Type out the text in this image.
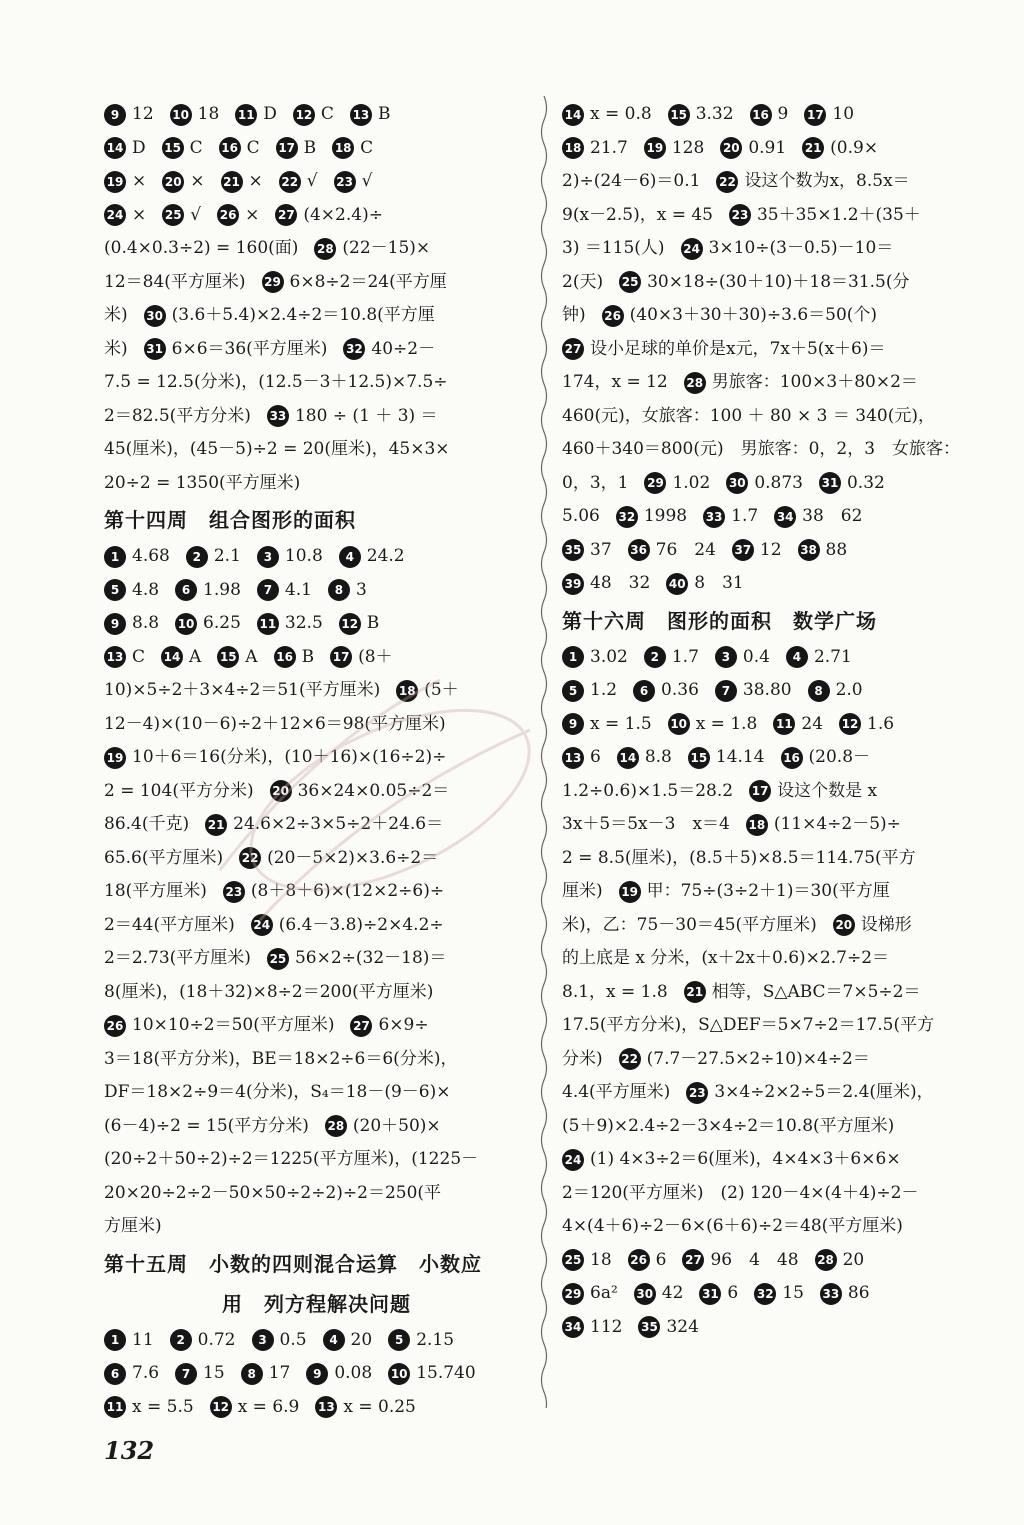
9 12 10 18 11 D 12 C 13 B
14 D 15 C 16 C 17 B 18 C
19 × 20 × 21 × 22 √ 23 √
24 × 25 √ 26 × 27 (4×2.4)÷
(0.4×0.3÷2) = 160(面) 28 (22－15)×
12＝84(平方厘米) 29 6×8÷2＝24(平方厘
米) 30 (3.6＋5.4)×2.4÷2＝10.8(平方厘
米) 31 6×6＝36(平方厘米) 32 40÷2－
7.5 = 12.5(分米)，(12.5－3＋12.5)×7.5÷
2＝82.5(平方分米) 33 180 ÷ (1 ＋ 3) ＝
45(厘米)，(45－5)÷2 = 20(厘米)，45×3×
20÷2 = 1350(平方厘米)
第十四周　组合图形的面积
1 4.68 2 2.1 3 10.8 4 24.2
5 4.8 6 1.98 7 4.1 8 3
9 8.8 10 6.25 11 32.5 12 B
13 C 14 A 15 A 16 B 17 (8＋
10)×5÷2＋3×4÷2＝51(平方厘米) 18 (5＋
12－4)×(10－6)÷2＋12×6＝98(平方厘米)
19 10＋6＝16(分米)，(10＋16)×(16÷2)÷
2 = 104(平方分米) 20 36×24×0.05÷2＝
86.4(千克) 21 24.6×2÷3×5÷2＋24.6＝
65.6(平方厘米) 22 (20－5×2)×3.6÷2＝
18(平方厘米) 23 (8＋8＋6)×(12×2÷6)÷
2＝44(平方厘米) 24 (6.4－3.8)÷2×4.2÷
2＝2.73(平方厘米) 25 56×2÷(32－18)＝
8(厘米)，(18＋32)×8÷2＝200(平方厘米)
26 10×10÷2＝50(平方厘米) 27 6×9÷
3＝18(平方分米)，BE＝18×2÷6＝6(分米)，
DF＝18×2÷9＝4(分米)，S₄＝18－(9－6)×
(6－4)÷2 = 15(平方分米) 28 (20＋50)×
(20÷2＋50÷2)÷2＝1225(平方厘米)，(1225－
20×20÷2÷2－50×50÷2÷2)÷2＝250(平
方厘米)
第十五周　小数的四则混合运算　小数应
用　列方程解决问题
1 11 2 0.72 3 0.5 4 20 5 2.15
6 7.6 7 15 8 17 9 0.08 10 15.740
11 x = 5.5 12 x = 6.9 13 x = 0.25
14 x = 0.8 15 3.32 16 9 17 10
18 21.7 19 128 20 0.91 21 (0.9×
2)÷(24－6)＝0.1 22 设这个数为x，8.5x＝
9(x－2.5)，x = 45 23 35＋35×1.2＋(35＋
3) ＝115(人) 24 3×10÷(3－0.5)－10＝
2(天) 25 30×18÷(30＋10)＋18＝31.5(分
钟) 26 (40×3＋30＋30)÷3.6＝50(个)
27 设小足球的单价是x元，7x＋5(x＋6)＝
174，x = 12 28 男旅客：100×3＋80×2＝
460(元)，女旅客：100 ＋ 80 × 3 ＝ 340(元)，
460＋340＝800(元)　男旅客：0，2，3　女旅客：
0，3，1 29 1.02 30 0.873 31 0.32
5.06 32 1998 33 1.7 34 38　62
35 37 36 76　24 37 12 38 88
39 48　32 40 8　31
第十六周　图形的面积　数学广场
1 3.02 2 1.7 3 0.4 4 2.71
5 1.2 6 0.36 7 38.80 8 2.0
9 x = 1.5 10 x = 1.8 11 24 12 1.6
13 6 14 8.8 15 14.14 16 (20.8－
1.2÷0.6)×1.5＝28.2 17 设这个数是 x
3x＋5＝5x－3　x＝4 18 (11×4÷2－5)÷
2 = 8.5(厘米)，(8.5＋5)×8.5＝114.75(平方
厘米) 19 甲：75÷(3÷2＋1)＝30(平方厘
米)，乙：75－30＝45(平方厘米) 20 设梯形
的上底是 x 分米，(x＋2x＋0.6)×2.7÷2＝
8.1，x = 1.8 21 相等，S△ABC＝7×5÷2＝
17.5(平方分米)，S△DEF＝5×7÷2＝17.5(平方
分米) 22 (7.7－27.5×2÷10)×4÷2＝
4.4(平方厘米) 23 3×4÷2×2÷5＝2.4(厘米)，
(5＋9)×2.4÷2－3×4÷2＝10.8(平方厘米)
24 (1) 4×3÷2＝6(厘米)，4×4×3＋6×6×
2＝120(平方厘米)　(2) 120－4×(4＋4)÷2－
4×(4＋6)÷2－6×(6＋6)÷2＝48(平方厘米)
25 18 26 6 27 96　4　48 28 20
29 6a² 30 42 31 6 32 15 33 86
34 112 35 324
132
